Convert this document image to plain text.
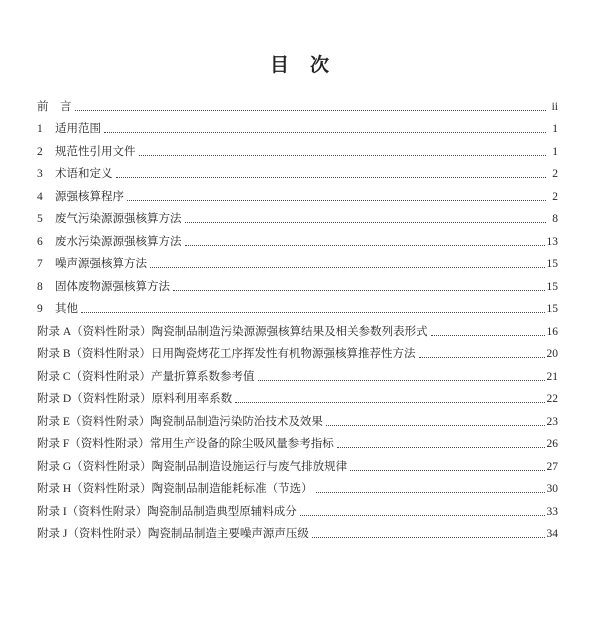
目　次
前　言	ii
1	适用范围	1
2	规范性引用文件	1
3	术语和定义	2
4	源强核算程序	2
5	废气污染源源强核算方法	8
6	废水污染源源强核算方法	13
7	噪声源强核算方法	15
8	固体废物源强核算方法	15
9	其他	15
附录 A（资料性附录）陶瓷制品制造污染源源强核算结果及相关参数列表形式	16
附录 B（资料性附录）日用陶瓷烤花工序挥发性有机物源强核算推荐性方法	20
附录 C（资料性附录）产量折算系数参考值	21
附录 D（资料性附录）原料利用率系数	22
附录 E（资料性附录）陶瓷制品制造污染防治技术及效果	23
附录 F（资料性附录）常用生产设备的除尘吸风量参考指标	26
附录 G（资料性附录）陶瓷制品制造设施运行与废气排放规律	27
附录 H（资料性附录）陶瓷制品制造能耗标准（节选）	30
附录 I（资料性附录）陶瓷制品制造典型原辅料成分	33
附录 J（资料性附录）陶瓷制品制造主要噪声源声压级	34
